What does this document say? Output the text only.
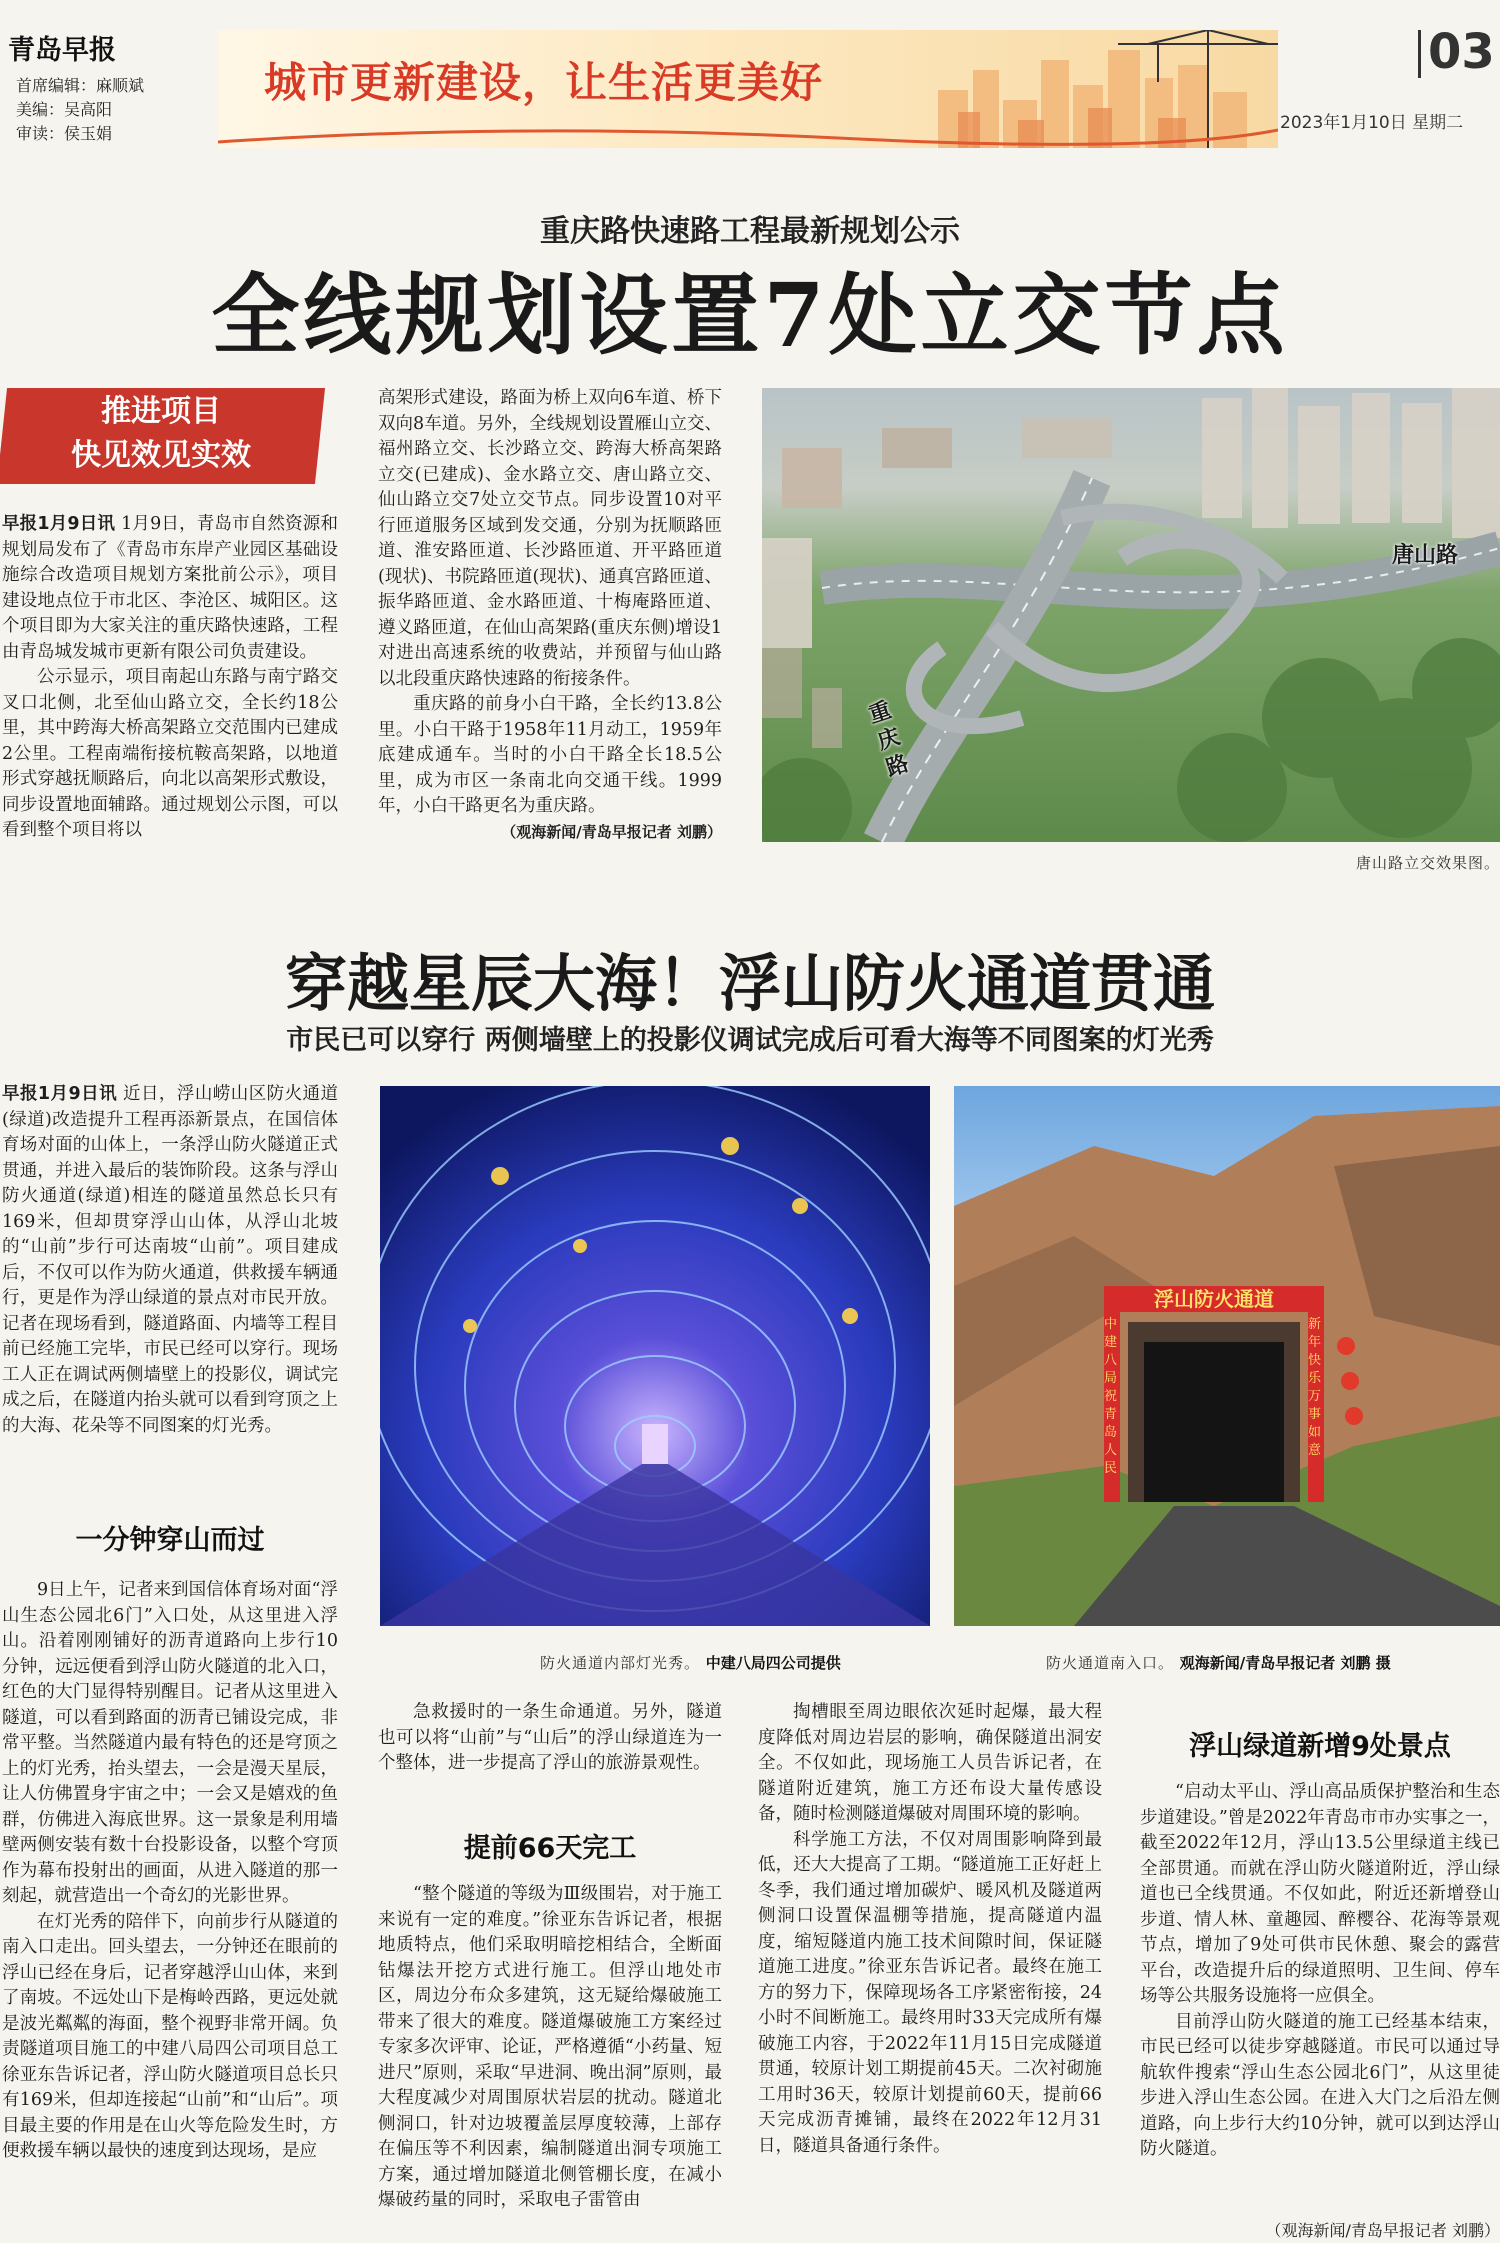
青岛早报
首席编辑：麻顺斌
美编：吴高阳
审读：侯玉娟
城市更新建设，让生活更美好
03
2023年1月10日 星期二
重庆路快速路工程最新规划公示
全线规划设置7处立交节点
推进项目
快见效见实效

早报1月9日讯 1月9日，青岛市自然资源和规划局发布了《青岛市东岸产业园区基础设施综合改造项目规划方案批前公示》，项目建设地点位于市北区、李沧区、城阳区。这个项目即为大家关注的重庆路快速路，工程由青岛城发城市更新有限公司负责建设。

公示显示，项目南起山东路与南宁路交叉口北侧，北至仙山路立交，全长约18公里，其中跨海大桥高架路立交范围内已建成2公里。工程南端衔接杭鞍高架路，以地道形式穿越抚顺路后，向北以高架形式敷设，同步设置地面辅路。通过规划公示图，可以看到整个项目将以

高架形式建设，路面为桥上双向6车道、桥下双向8车道。另外，全线规划设置雁山立交、福州路立交、长沙路立交、跨海大桥高架路立交(已建成)、金水路立交、唐山路立交、仙山路立交7处立交节点。同步设置10对平行匝道服务区域到发交通，分别为抚顺路匝道、淮安路匝道、长沙路匝道、开平路匝道(现状)、书院路匝道(现状)、通真宫路匝道、振华路匝道、金水路匝道、十梅庵路匝道、遵义路匝道，在仙山高架路(重庆东侧)增设1对进出高速系统的收费站，并预留与仙山路以北段重庆路快速路的衔接条件。

重庆路的前身小白干路，全长约13.8公里。小白干路于1958年11月动工，1959年底建成通车。当时的小白干路全长18.5公里，成为市区一条南北向交通干线。1999年，小白干路更名为重庆路。

（观海新闻/青岛早报记者 刘鹏）
唐山路
重庆路
唐山路立交效果图。
穿越星辰大海！浮山防火通道贯通
市民已可以穿行 两侧墙壁上的投影仪调试完成后可看大海等不同图案的灯光秀

早报1月9日讯 近日，浮山崂山区防火通道(绿道)改造提升工程再添新景点，在国信体育场对面的山体上，一条浮山防火隧道正式贯通，并进入最后的装饰阶段。这条与浮山防火通道(绿道)相连的隧道虽然总长只有169米，但却贯穿浮山山体，从浮山北坡的“山前”步行可达南坡“山前”。项目建成后，不仅可以作为防火通道，供救援车辆通行，更是作为浮山绿道的景点对市民开放。记者在现场看到，隧道路面、内墙等工程目前已经施工完毕，市民已经可以穿行。现场工人正在调试两侧墙壁上的投影仪，调试完成之后，在隧道内抬头就可以看到穹顶之上的大海、花朵等不同图案的灯光秀。

一分钟穿山而过

9日上午，记者来到国信体育场对面“浮山生态公园北6门”入口处，从这里进入浮山。沿着刚刚铺好的沥青道路向上步行10分钟，远远便看到浮山防火隧道的北入口，红色的大门显得特别醒目。记者从这里进入隧道，可以看到路面的沥青已铺设完成，非常平整。当然隧道内最有特色的还是穹顶之上的灯光秀，抬头望去，一会是漫天星辰，让人仿佛置身宇宙之中；一会又是嬉戏的鱼群，仿佛进入海底世界。这一景象是利用墙壁两侧安装有数十台投影设备，以整个穹顶作为幕布投射出的画面，从进入隧道的那一刻起，就营造出一个奇幻的光影世界。

在灯光秀的陪伴下，向前步行从隧道的南入口走出。回头望去，一分钟还在眼前的浮山已经在身后，记者穿越浮山山体，来到了南坡。不远处山下是梅岭西路，更远处就是波光粼粼的海面，整个视野非常开阔。负责隧道项目施工的中建八局四公司项目总工徐亚东告诉记者，浮山防火隧道项目总长只有169米，但却连接起“山前”和“山后”。项目最主要的作用是在山火等危险发生时，方便救援车辆以最快的速度到达现场，是应

防火通道内部灯光秀。 中建八局四公司提供
浮山防火通道
中建八局祝青岛人民
新年快乐 万事如意
防火通道南入口。 观海新闻/青岛早报记者 刘鹏 摄

急救援时的一条生命通道。另外，隧道也可以将“山前”与“山后”的浮山绿道连为一个整体，进一步提高了浮山的旅游景观性。

提前66天完工

“整个隧道的等级为Ⅲ级围岩，对于施工来说有一定的难度。”徐亚东告诉记者，根据地质特点，他们采取明暗挖相结合，全断面钻爆法开挖方式进行施工。但浮山地处市区，周边分布众多建筑，这无疑给爆破施工带来了很大的难度。隧道爆破施工方案经过专家多次评审、论证，严格遵循“小药量、短进尺”原则，采取“早进洞、晚出洞”原则，最大程度减少对周围原状岩层的扰动。隧道北侧洞口，针对边坡覆盖层厚度较薄，上部存在偏压等不利因素，编制隧道出洞专项施工方案，通过增加隧道北侧管棚长度，在减小爆破药量的同时，采取电子雷管由

掏槽眼至周边眼依次延时起爆，最大程度降低对周边岩层的影响，确保隧道出洞安全。不仅如此，现场施工人员告诉记者，在隧道附近建筑，施工方还布设大量传感设备，随时检测隧道爆破对周围环境的影响。

科学施工方法，不仅对周围影响降到最低，还大大提高了工期。“隧道施工正好赶上冬季，我们通过增加碳炉、暖风机及隧道两侧洞口设置保温棚等措施，提高隧道内温度，缩短隧道内施工技术间隙时间，保证隧道施工进度。”徐亚东告诉记者。最终在施工方的努力下，保障现场各工序紧密衔接，24小时不间断施工。最终用时33天完成所有爆破施工内容，于2022年11月15日完成隧道贯通，较原计划工期提前45天。二次衬砌施工用时36天，较原计划提前60天，提前66天完成沥青摊铺，最终在2022年12月31日，隧道具备通行条件。

浮山绿道新增9处景点

“启动太平山、浮山高品质保护整治和生态步道建设。”曾是2022年青岛市市办实事之一，截至2022年12月，浮山13.5公里绿道主线已全部贯通。而就在浮山防火隧道附近，浮山绿道也已全线贯通。不仅如此，附近还新增登山步道、情人林、童趣园、醉樱谷、花海等景观节点，增加了9处可供市民休憩、聚会的露营平台，改造提升后的绿道照明、卫生间、停车场等公共服务设施将一应俱全。

目前浮山防火隧道的施工已经基本结束，市民已经可以徒步穿越隧道。市民可以通过导航软件搜索“浮山生态公园北6门”，从这里徒步进入浮山生态公园。在进入大门之后沿左侧道路，向上步行大约10分钟，就可以到达浮山防火隧道。

（观海新闻/青岛早报记者 刘鹏）
